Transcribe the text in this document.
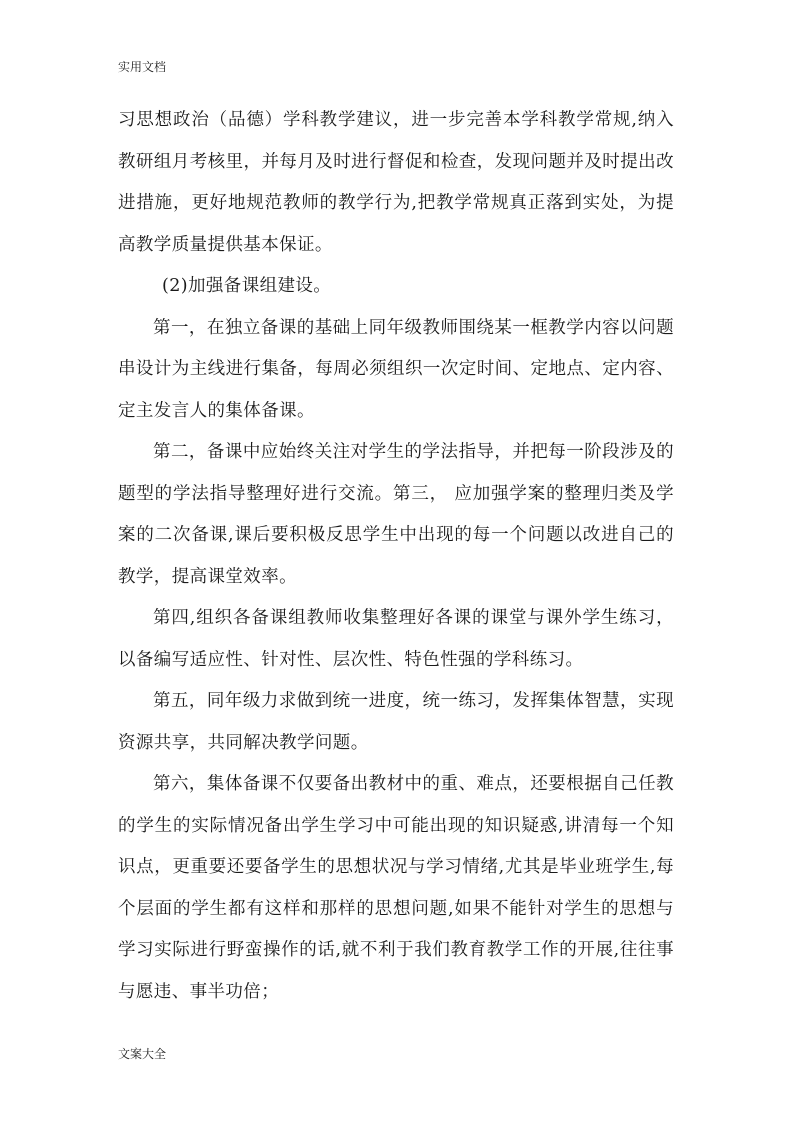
实用文档

习思想政治（品德）学科教学建议，进一步完善本学科教学常规,纳入教研组月考核里，并每月及时进行督促和检查，发现问题并及时提出改进措施，更好地规范教师的教学行为,把教学常规真正落到实处，为提高教学质量提供基本保证。

(2)加强备课组建设。

第一，在独立备课的基础上同年级教师围绕某一框教学内容以问题串设计为主线进行集备，每周必须组织一次定时间、定地点、定内容、定主发言人的集体备课。

第二，备课中应始终关注对学生的学法指导，并把每一阶段涉及的题型的学法指导整理好进行交流。第三， 应加强学案的整理归类及学案的二次备课,课后要积极反思学生中出现的每一个问题以改进自己的教学，提高课堂效率。

第四,组织各备课组教师收集整理好各课的课堂与课外学生练习，以备编写适应性、针对性、层次性、特色性强的学科练习。

第五，同年级力求做到统一进度，统一练习，发挥集体智慧，实现资源共享，共同解决教学问题。

第六，集体备课不仅要备出教材中的重、难点，还要根据自己任教的学生的实际情况备出学生学习中可能出现的知识疑惑,讲清每一个知识点，更重要还要备学生的思想状况与学习情绪,尤其是毕业班学生,每个层面的学生都有这样和那样的思想问题,如果不能针对学生的思想与学习实际进行野蛮操作的话,就不利于我们教育教学工作的开展,往往事与愿违、事半功倍；

文案大全
